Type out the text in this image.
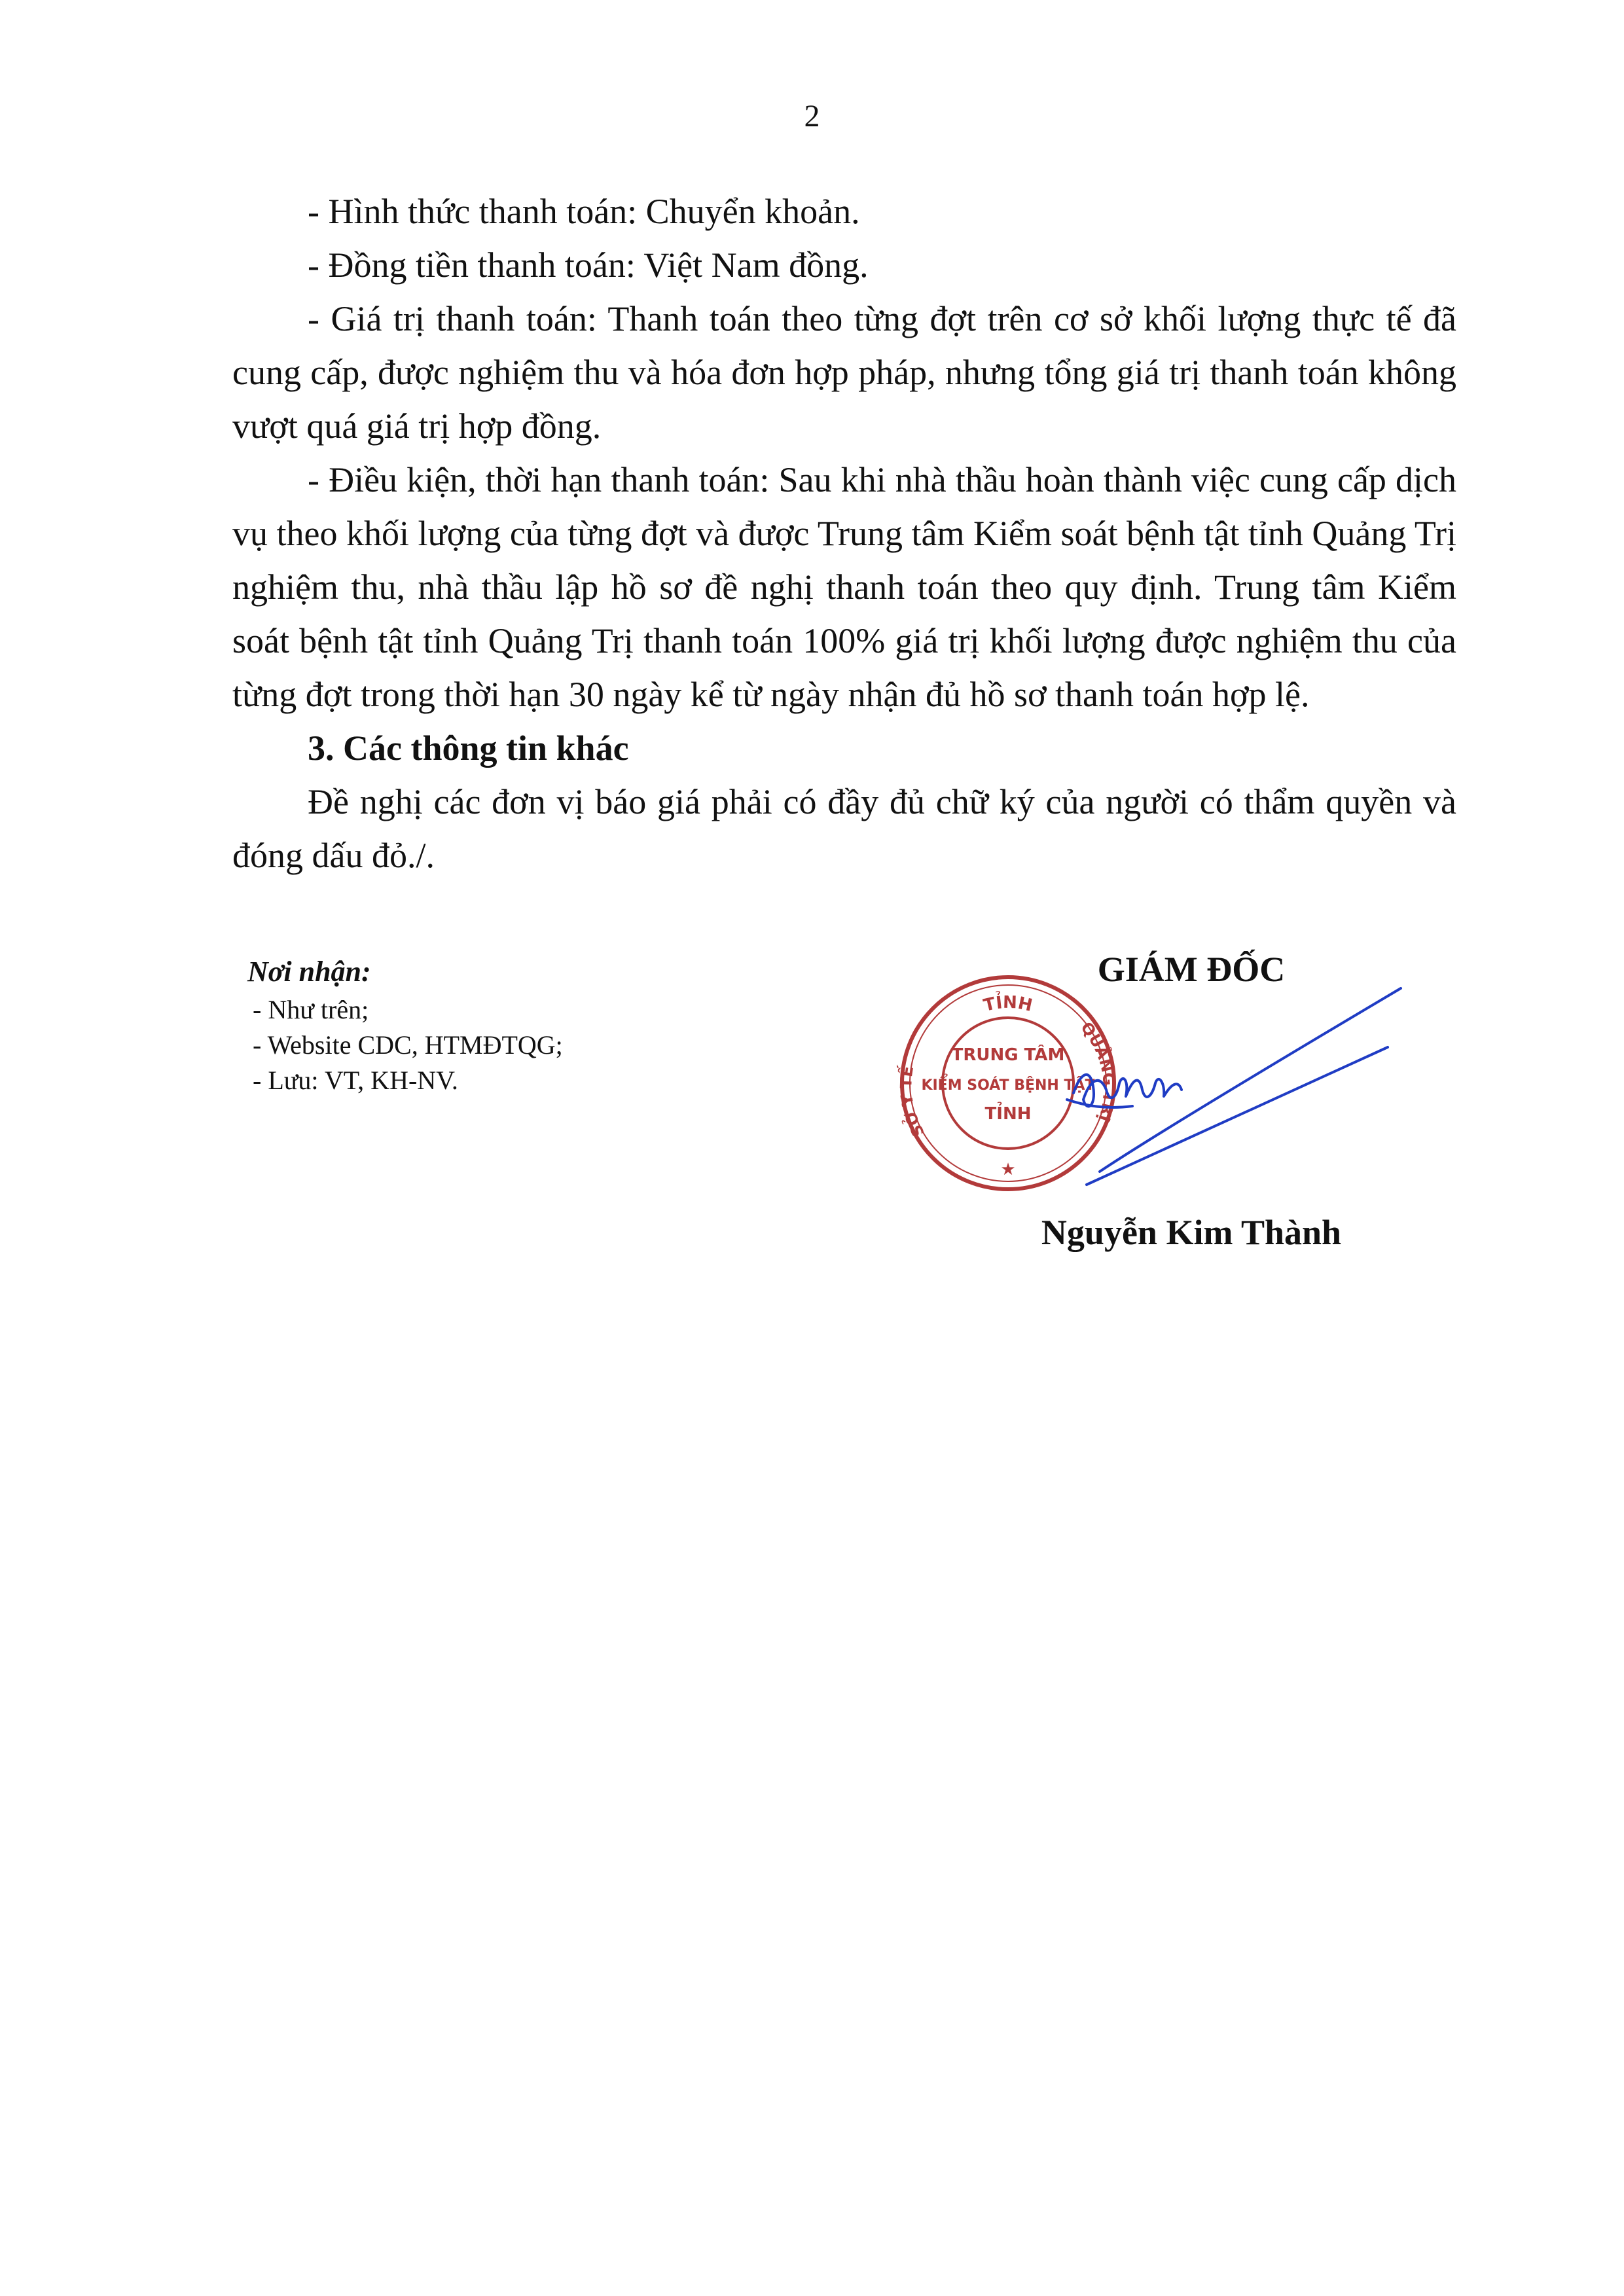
2

- Hình thức thanh toán: Chuyển khoản.

- Đồng tiền thanh toán: Việt Nam đồng.

- Giá trị thanh toán: Thanh toán theo từng đợt trên cơ sở khối lượng thực tế đã cung cấp, được nghiệm thu và hóa đơn hợp pháp, nhưng tổng giá trị thanh toán không vượt quá giá trị hợp đồng.

- Điều kiện, thời hạn thanh toán: Sau khi nhà thầu hoàn thành việc cung cấp dịch vụ theo khối lượng của từng đợt và được Trung tâm Kiểm soát bệnh tật tỉnh Quảng Trị nghiệm thu, nhà thầu lập hồ sơ đề nghị thanh toán theo quy định. Trung tâm Kiểm soát bệnh tật tỉnh Quảng Trị thanh toán 100% giá trị khối lượng được nghiệm thu của từng đợt trong thời hạn 30 ngày kể từ ngày nhận đủ hồ sơ thanh toán hợp lệ.

3. Các thông tin khác

Đề nghị các đơn vị báo giá phải có đầy đủ chữ ký của người có thẩm quyền và đóng dấu đỏ./.

Nơi nhận:
- Như trên;
- Website CDC, HTMĐTQG;
- Lưu: VT, KH-NV.
GIÁM ĐỐC
TỈNH
SỞ Y TẾ
QUẢNG TRỊ
TRUNG TÂM
KIỂM SOÁT BỆNH TẬT
TỈNH
★
Nguyễn Kim Thành
